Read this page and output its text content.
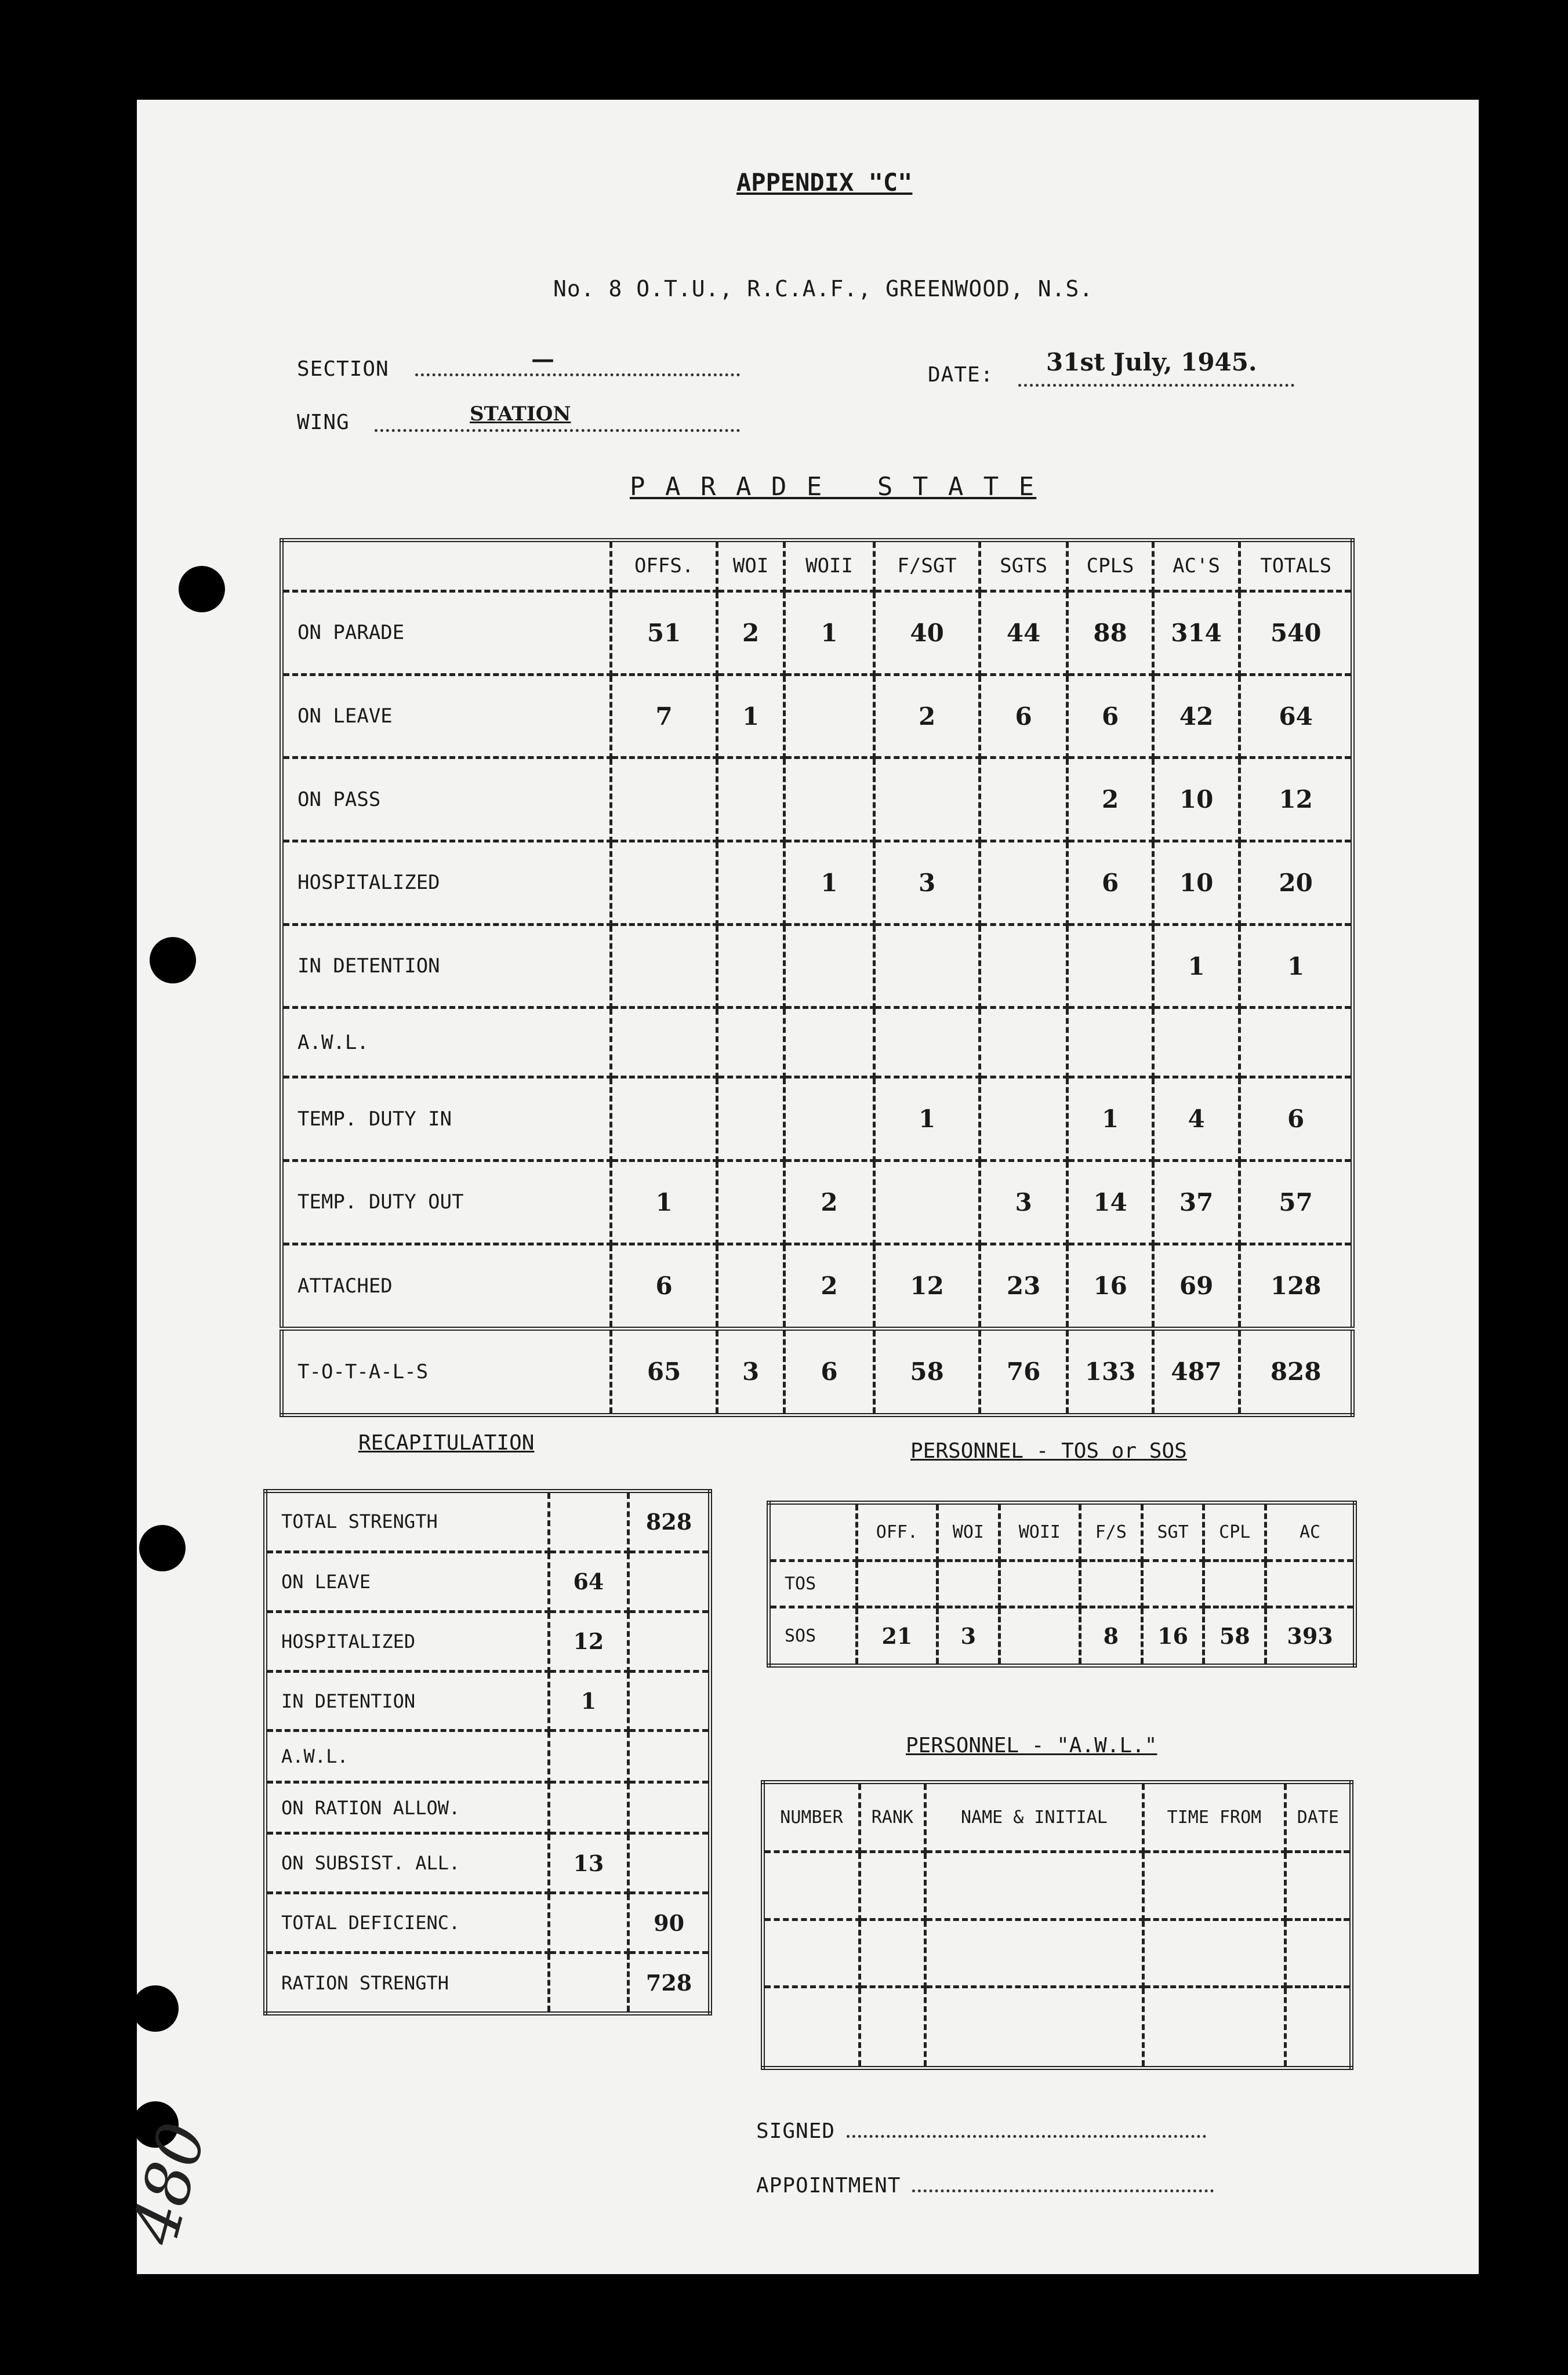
APPENDIX "C"
No. 8 O.T.U., R.C.A.F., GREENWOOD, N.S.
SECTION	—
DATE: 31st July, 1945.
WING	STATION
P A R A D E   S T A T E
	OFFS.	WOI	WOII	F/SGT	SGTS	CPLS	AC'S	TOTALS
ON PARADE	51	2	1	40	44	88	314	540
ON LEAVE	7	1		2	6	6	42	64
ON PASS						2	10	12
HOSPITALIZED			1	3		6	10	20
IN DETENTION							1	1
A.W.L.								
TEMP. DUTY IN				1		1	4	6
TEMP. DUTY OUT	1		2		3	14	37	57
ATTACHED	6		2	12	23	16	69	128
T-O-T-A-L-S	65	3	6	58	76	133	487	828
RECAPITULATION
TOTAL STRENGTH		828
ON LEAVE	64	
HOSPITALIZED	12	
IN DETENTION	1	
A.W.L.		
ON RATION ALLOW.		
ON SUBSIST. ALL.	13	
TOTAL DEFICIENC.		90
RATION STRENGTH		728
PERSONNEL - TOS or SOS
	OFF.	WOI	WOII	F/S	SGT	CPL	AC
TOS							
SOS	21	3		8	16	58	393
PERSONNEL - "A.W.L."
NUMBER	RANK	NAME & INITIAL	TIME FROM	DATE

SIGNED
APPOINTMENT
480
